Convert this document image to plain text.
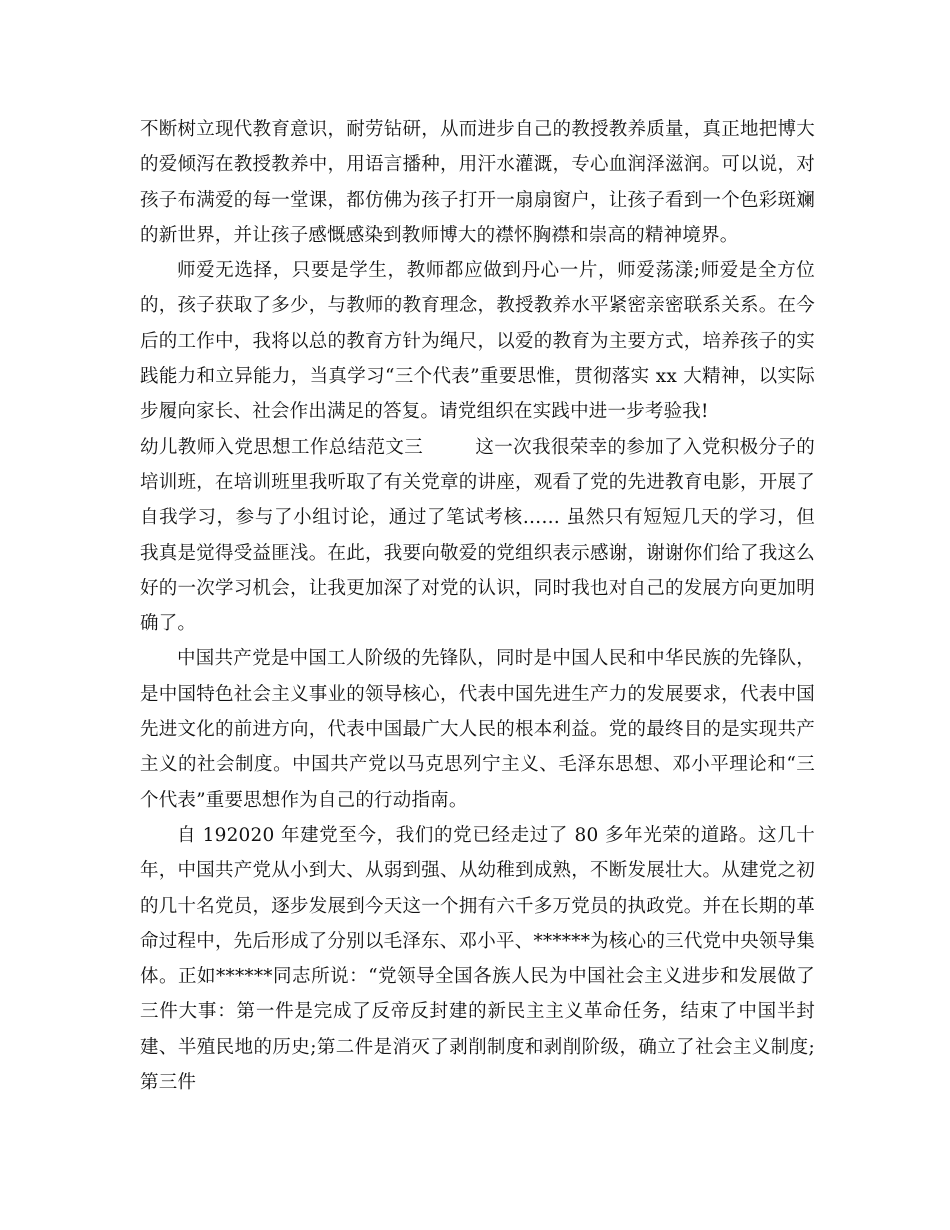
不断树立现代教育意识，耐劳钻研，从而进步自己的教授教养质量，真正地把博大的爱倾泻在教授教养中，用语言播种，用汗水灌溉，专心血润泽滋润。可以说，对孩子布满爱的每一堂课，都仿佛为孩子打开一扇扇窗户，让孩子看到一个色彩斑斓的新世界，并让孩子感慨感染到教师博大的襟怀胸襟和崇高的精神境界。

师爱无选择，只要是学生，教师都应做到丹心一片，师爱荡漾;师爱是全方位的，孩子获取了多少，与教师的教育理念，教授教养水平紧密亲密联系关系。在今后的工作中，我将以总的教育方针为绳尺，以爱的教育为主要方式，培养孩子的实践能力和立异能力，当真学习“三个代表”重要思惟，贯彻落实 xx 大精神，以实际步履向家长、社会作出满足的答复。请党组织在实践中进一步考验我!

幼儿教师入党思想工作总结范文三	这一次我很荣幸的参加了入党积极分子的培训班，在培训班里我听取了有关党章的讲座，观看了党的先进教育电影，开展了自我学习，参与了小组讨论，通过了笔试考核…… 虽然只有短短几天的学习，但我真是觉得受益匪浅。在此，我要向敬爱的党组织表示感谢，谢谢你们给了我这么好的一次学习机会，让我更加深了对党的认识，同时我也对自己的发展方向更加明确了。

中国共产党是中国工人阶级的先锋队，同时是中国人民和中华民族的先锋队，是中国特色社会主义事业的领导核心，代表中国先进生产力的发展要求，代表中国先进文化的前进方向，代表中国最广大人民的根本利益。党的最终目的是实现共产主义的社会制度。中国共产党以马克思列宁主义、毛泽东思想、邓小平理论和“三个代表”重要思想作为自己的行动指南。

自 192020 年建党至今，我们的党已经走过了 80 多年光荣的道路。这几十年，中国共产党从小到大、从弱到强、从幼稚到成熟，不断发展壮大。从建党之初的几十名党员，逐步发展到今天这一个拥有六千多万党员的执政党。并在长期的革命过程中，先后形成了分别以毛泽东、邓小平、******为核心的三代党中央领导集体。正如******同志所说：“党领导全国各族人民为中国社会主义进步和发展做了三件大事：第一件是完成了反帝反封建的新民主主义革命任务，结束了中国半封建、半殖民地的历史;第二件是消灭了剥削制度和剥削阶级，确立了社会主义制度;第三件
